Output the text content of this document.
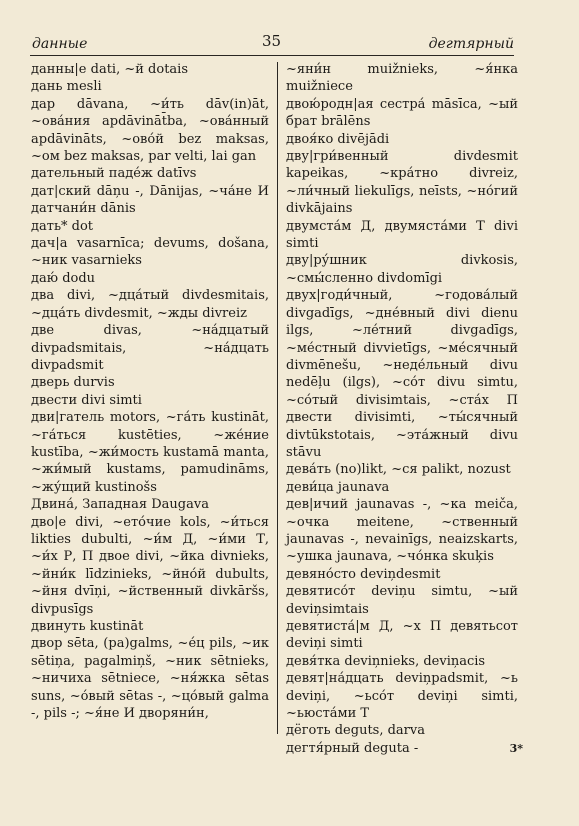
данные	35	дегтярный

данны|е dati, ~й dotais

дань mesli

дар dāvana, ~и́ть dāv(in)āt, ~ова́ния apdāvināt̄ba, ~ова́нный apdāvināts, ~ово́й bez maksas, ~ом bez maksas, par velti, lai gan

дательный паде́ж datīvs

дат|ский dāņu -, Dānijas, ~ча́не И датчани́н dānis

дать* dot

дач|а vasarnīca; devums, došana, ~ник vasarnieks

даю́ dodu

два divi, ~дца́тый divdesmitais, ~дца́ть divdesmit, ~жды divreiz

две divas, ~на́дцатый divpadsmitais, ~на́дцать divpadsmit

дверь durvis

двести divi simti

дви|гатель motors, ~га́ть kustināt, ~га́ться kustēties, ~же́ние kustība, ~жи́мость kustamā manta, ~жи́мый kustams, pamudināms, ~жу́щий kustinošs

Двина́, Западная Daugava

дво|е divi, ~ето́чие kols, ~и́ться likties dubulti, ~и́м Д, ~и́ми Т, ~и́х Р, П двое divi, ~йка divnieks, ~йни́к līdzinieks, ~йно́й dubults, ~йня dvīņi, ~йственный divkāršs, divpusīgs

двинуть kustināt

двор sēta, (pa)galms, ~е́ц pils, ~ик sētiņa, pagalmiņš, ~ник sētnieks, ~ничиха sētniece, ~ня́жка sētas suns, ~о́вый sētas -, ~цо́вый galma -, pils -; ~я́не И дворяни́н,

~яни́н muižnieks, ~я́нка muižniece

двою́родн|ая сестра́ māsīca, ~ый брат brālēns

двоя́ко divējādi

дву|гри́венный divdesmit kapeikas, ~кра́тно divreiz, ~ли́чный liekulīgs, neīsts, ~но́гий divkājains

двумста́м Д, двумяста́ми Т divi simti

дву|ру́шник divkosis, ~смы́сленно divdomīgi

двух|годи́чный, ~годова́лый divgadīgs, ~дне́вный divi dienu ilgs, ~ле́тний divgadīgs, ~ме́стный divvietīgs, ~ме́сячный divmēnešu, ~неде́льный divu nedēļu (ilgs), ~со́т divu simtu, ~со́тый divisimtais, ~ста́х П двести divisimti, ~ты́сячный divtūkstotais, ~эта́жный divu stāvu

дева́ть (no)likt, ~ся palikt, nozust

деви́ца jaunava

дев|ичий jaunavas -, ~ка meiča, ~очка meitene, ~ственный jaunavas -, nevainīgs, neaizskarts, ~ушка jaunava, ~чо́нка skuķis

девяно́сто deviņdesmit

девятисо́т deviņu simtu, ~ый deviņsimtais

девятиста́|м Д, ~х П девятьсот deviņi simti

девя́тка deviņnieks, deviņacis

девят|на́дцать deviņpadsmit, ~ь deviņi, ~ьсо́т deviņi simti, ~ьюста́ми Т

дёготь deguts, darva

дегтя́рный deguta -	3*
